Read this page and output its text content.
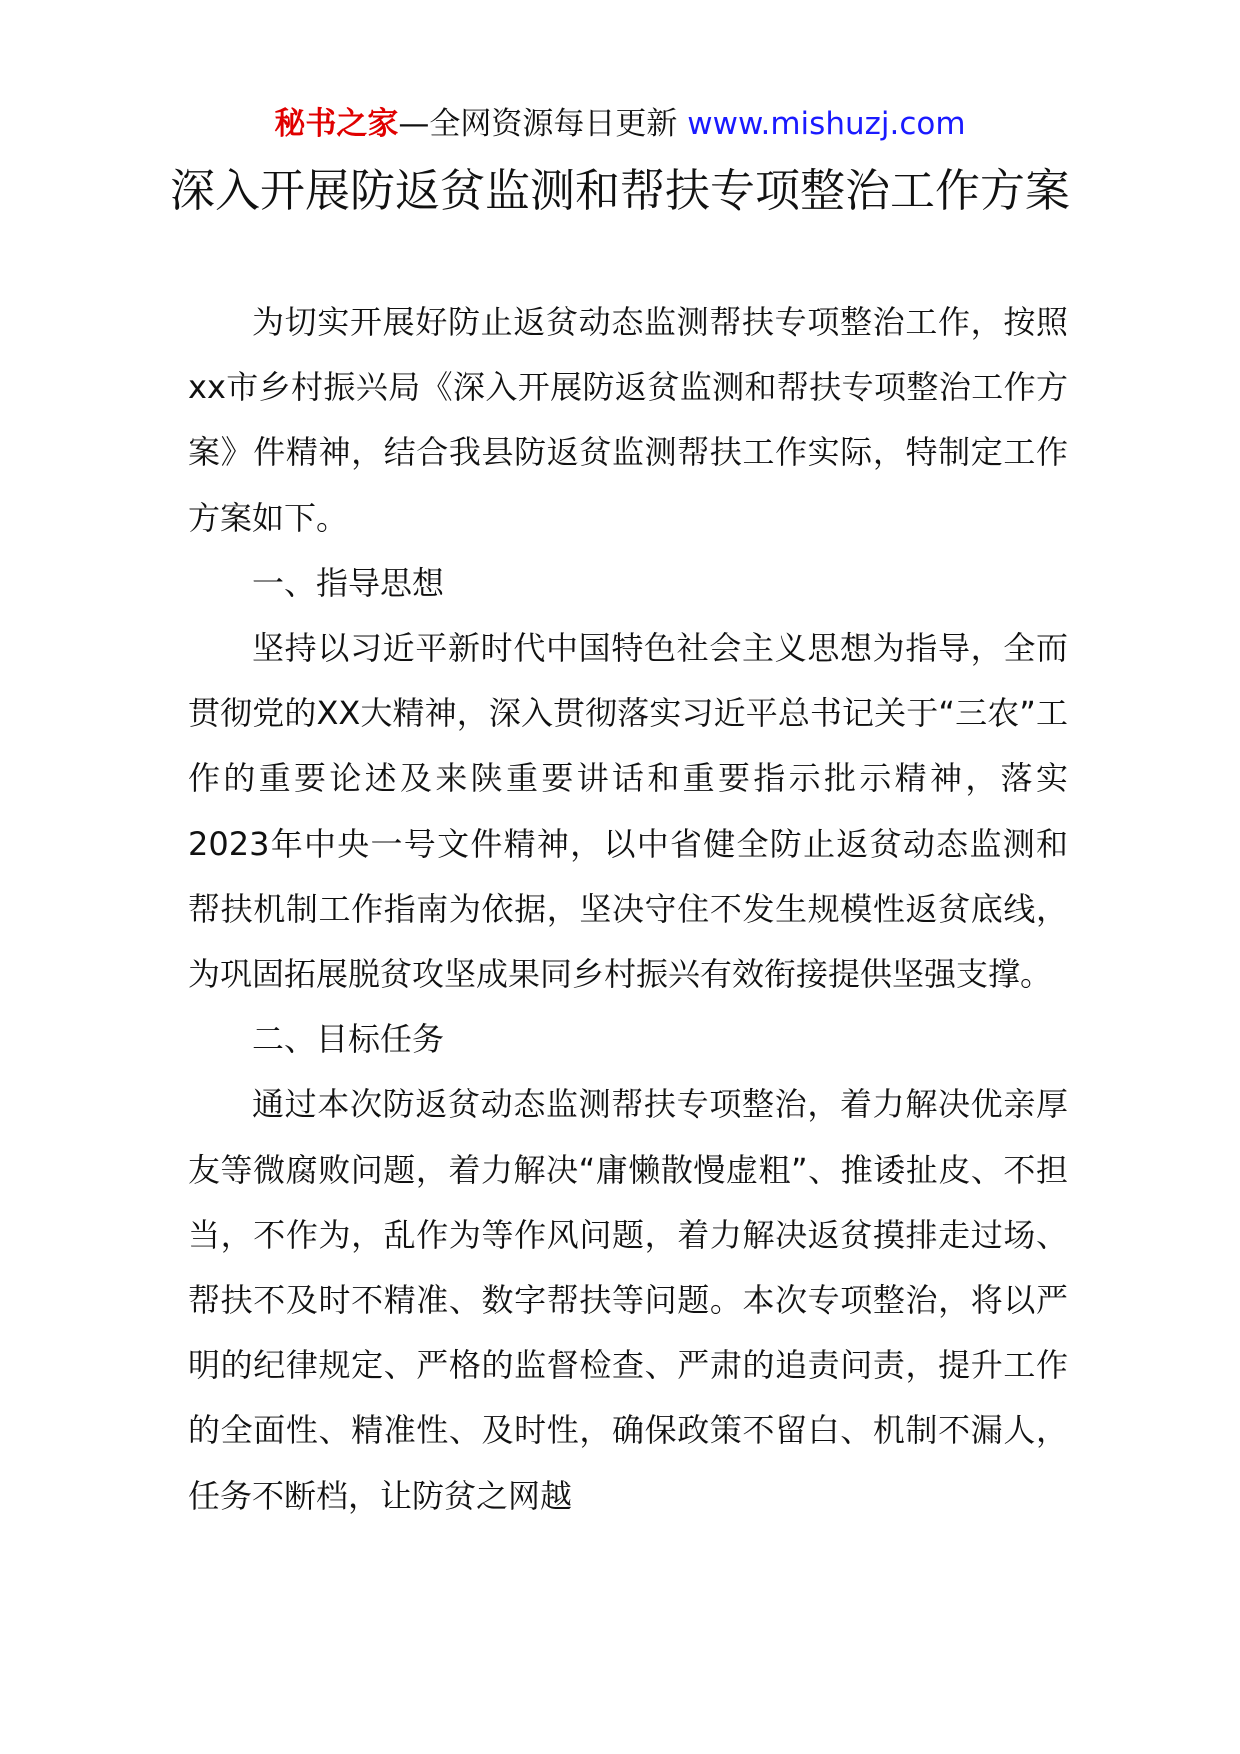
秘书之家—全网资源每日更新 www.mishuzj.com
深入开展防返贫监测和帮扶专项整治工作方案

为切实开展好防止返贫动态监测帮扶专项整治工作，按照xx市乡村振兴局《深入开展防返贫监测和帮扶专项整治工作方案》件精神，结合我县防返贫监测帮扶工作实际，特制定工作方案如下。

一、指导思想

坚持以习近平新时代中国特色社会主义思想为指导，全而贯彻党的XX大精神，深入贯彻落实习近平总书记关于“三农”工作的重要论述及来陕重要讲话和重要指示批示精神，落实2023年中央一号文件精神，以中省健全防止返贫动态监测和帮扶机制工作指南为依据，坚决守住不发生规模性返贫底线，为巩固拓展脱贫攻坚成果同乡村振兴有效衔接提供坚强支撑。

二、目标任务

通过本次防返贫动态监测帮扶专项整治，着力解决优亲厚友等微腐败问题，着力解决“庸懒散慢虚粗”、推诿扯皮、不担当，不作为，乱作为等作风问题，着力解决返贫摸排走过场、帮扶不及时不精准、数字帮扶等问题。本次专项整治，将以严明的纪律规定、严格的监督检查、严肃的追责问责，提升工作的全面性、精准性、及时性，确保政策不留白、机制不漏人，任务不断档，让防贫之网越
